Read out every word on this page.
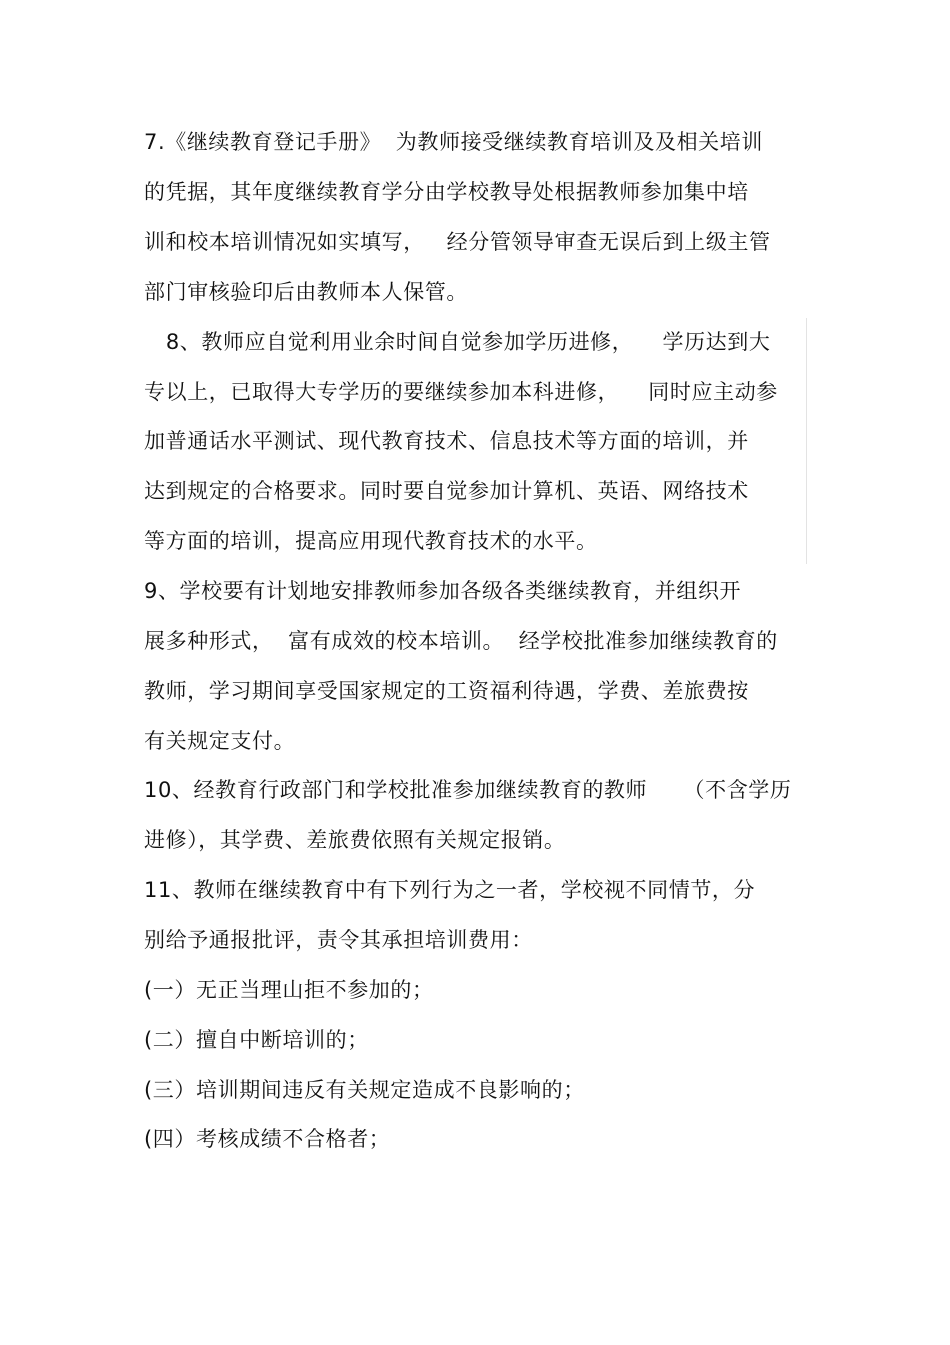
7.《继续教育登记手册》  为教师接受继续教育培训及及相关培训
的凭据，其年度继续教育学分由学校教导处根据教师参加集中培
训和校本培训情况如实填写，   经分管领导审查无误后到上级主管
部门审核验印后由教师本人保管。
8、教师应自觉利用业余时间自觉参加学历进修，    学历达到大
专以上，已取得大专学历的要继续参加本科进修，    同时应主动参
加普通话水平测试、现代教育技术、信息技术等方面的培训，并
达到规定的合格要求。同时要自觉参加计算机、英语、网络技术
等方面的培训，提高应用现代教育技术的水平。
9、学校要有计划地安排教师参加各级各类继续教育，并组织开
展多种形式，  富有成效的校本培训。  经学校批准参加继续教育的
教师，学习期间享受国家规定的工资福利待遇，学费、差旅费按
有关规定支付。
10、经教育行政部门和学校批准参加继续教育的教师     （不含学历
进修），其学费、差旅费依照有关规定报销。
11、教师在继续教育中有下列行为之一者，学校视不同情节，分
别给予通报批评，责令其承担培训费用：
(一）无正当理山拒不参加的；
(二）擅自中断培训的；
(三）培训期间违反有关规定造成不良影响的；
(四）考核成绩不合格者；
